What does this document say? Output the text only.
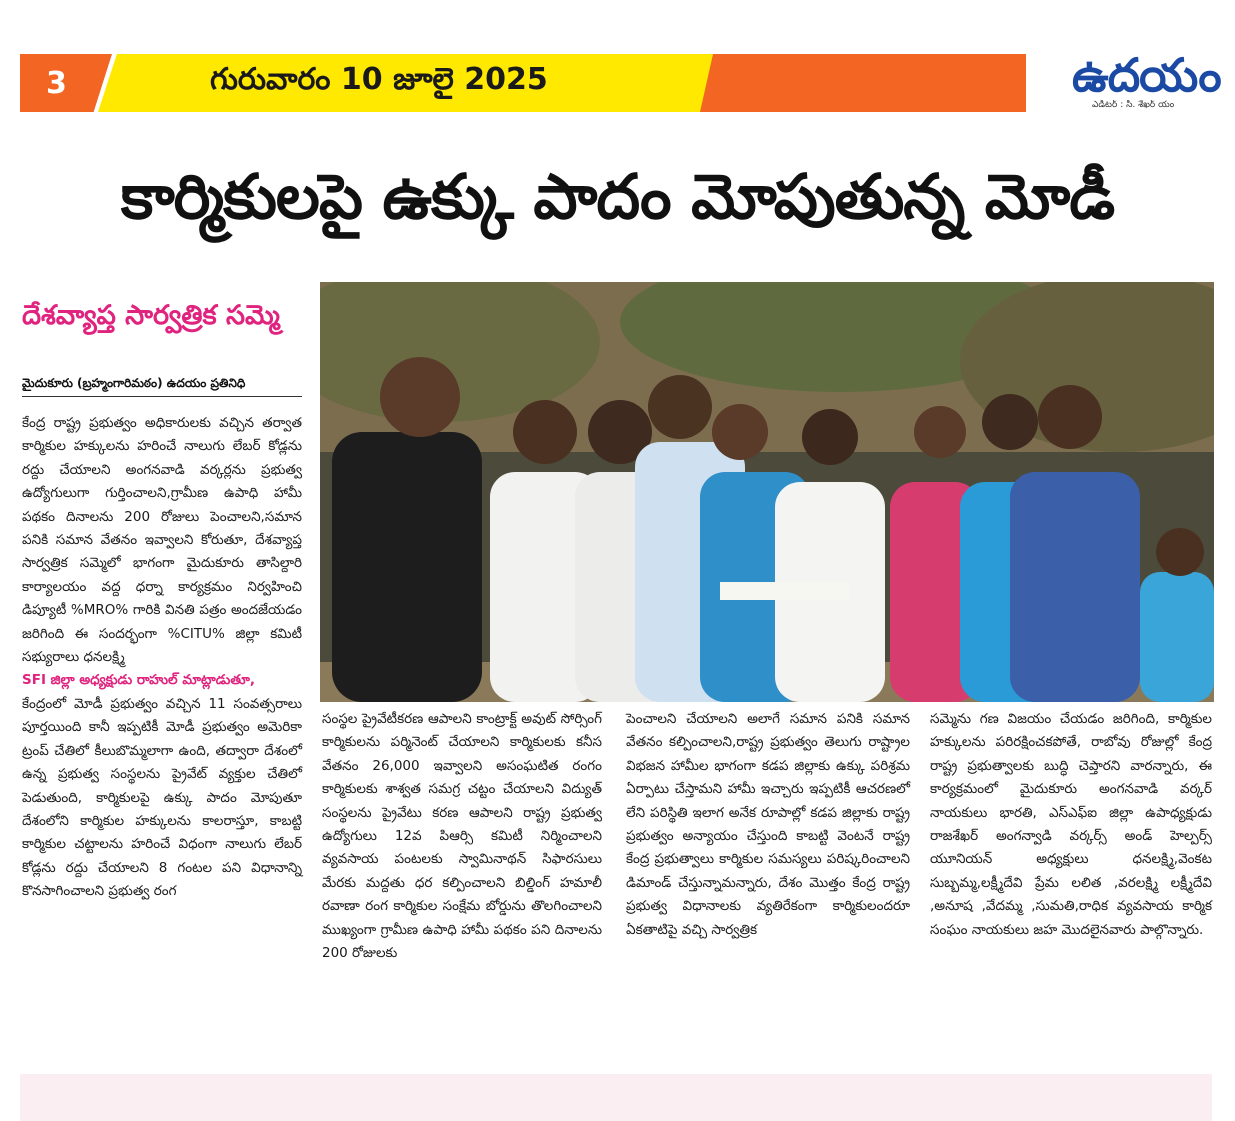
3	గురువారం 10 జూలై 2025	ఉదయం
ఎడిటర్ : సి. శేఖర్ యం
కార్మికులపై ఉక్కు పాదం మోపుతున్న మోడీ
దేశవ్యాప్త సార్వత్రిక సమ్మె
మైదుకూరు (బ్రహ్మంగారిమఠం) ఉదయం ప్రతినిధి

కేంద్ర రాష్ట్ర ప్రభుత్వం అధికారులకు వచ్చిన తర్వాత కార్మికుల హక్కులను హరించే నాలుగు లేబర్ కోడ్లను రద్దు చేయాలని అంగనవాడి వర్కర్లను ప్రభుత్వ ఉద్యోగులుగా గుర్తించాలని,గ్రామీణ ఉపాధి హామీ పథకం దినాలను 200 రోజులు పెంచాలని,సమాన పనికి సమాన వేతనం ఇవ్వాలని కోరుతూ, దేశవ్యాప్త సార్వత్రిక సమ్మెలో భాగంగా మైదుకూరు తాసిల్దారి కార్యాలయం వద్ద ధర్నా కార్యక్రమం నిర్వహించి డిప్యూటీ %MRO% గారికి వినతి పత్రం అందజేయడం జరిగింది ఈ సందర్భంగా %CITU% జిల్లా కమిటీ సభ్యురాలు ధనలక్ష్మి

SFI జిల్లా అధ్యక్షుడు రాహుల్ మాట్లాడుతూ,

కేంద్రంలో మోడీ ప్రభుత్వం వచ్చిన 11 సంవత్సరాలు పూర్తయింది కానీ ఇప్పటికీ మోడీ ప్రభుత్వం అమెరికా ట్రంప్ చేతిలో కీలుబొమ్మలాగా ఉంది, తద్వారా దేశంలో ఉన్న ప్రభుత్వ సంస్థలను ప్రైవేట్ వ్యక్తుల చేతిలో పెడుతుంది, కార్మికులపై ఉక్కు పాదం మోపుతూ దేశంలోని కార్మికుల హక్కులను కాలరాస్తూ, కాబట్టి కార్మికుల చట్టాలను హరించే విధంగా నాలుగు లేబర్ కోడ్లను రద్దు చేయాలని 8 గంటల పని విధానాన్ని కొనసాగించాలని ప్రభుత్వ రంగ

సంస్థల ప్రైవేటీకరణ ఆపాలని కాంట్రాక్ట్ అవుట్ సోర్సింగ్ కార్మికులను పర్మినెంట్ చేయాలని కార్మికులకు కనీస వేతనం 26,000 ఇవ్వాలని అసంఘటిత రంగం కార్మికులకు శాశ్వత సమగ్ర చట్టం చేయాలని విద్యుత్ సంస్థలను ప్రైవేటు కరణ ఆపాలని రాష్ట్ర ప్రభుత్వ ఉద్యోగులు 12వ పిఆర్సి కమిటీ నిర్మించాలని వ్యవసాయ పంటలకు స్వామినాథన్ సిఫారసులు మేరకు మద్దతు ధర కల్పించాలని బిల్డింగ్ హమాలీ రవాణా రంగ కార్మికుల సంక్షేమ బోర్డును తొలగించాలని ముఖ్యంగా గ్రామీణ ఉపాధి హామీ పథకం పని దినాలను 200 రోజులకు
పెంచాలని చేయాలని అలాగే సమాన పనికి సమాన వేతనం కల్పించాలని,రాష్ట్ర ప్రభుత్వం తెలుగు రాష్ట్రాల విభజన హామీల భాగంగా కడప జిల్లాకు ఉక్కు పరిశ్రమ ఏర్పాటు చేస్తామని హామీ ఇచ్చారు ఇప్పటికీ ఆచరణలో లేని పరిస్థితి ఇలాగ అనేక రూపాల్లో కడప జిల్లాకు రాష్ట్ర ప్రభుత్వం అన్యాయం చేస్తుంది కాబట్టి వెంటనే రాష్ట్ర కేంద్ర ప్రభుత్వాలు కార్మికుల సమస్యలు పరిష్కరించాలని డిమాండ్ చేస్తున్నామన్నారు, దేశం మొత్తం కేంద్ర రాష్ట్ర ప్రభుత్వ విధానాలకు వ్యతిరేకంగా కార్మికులందరూ ఏకతాటిపై వచ్చి సార్వత్రిక
సమ్మెను గణ విజయం చేయడం జరిగింది, కార్మికుల హక్కులను పరిరక్షించకపోతే, రాబోవు రోజుల్లో కేంద్ర రాష్ట్ర ప్రభుత్వాలకు బుద్ధి చెప్తారని వారన్నారు, ఈ కార్యక్రమంలో మైదుకూరు అంగనవాడి వర్కర్ నాయకులు భారతి, ఎస్ఎఫ్ఐ జిల్లా ఉపాధ్యక్షుడు రాజశేఖర్ అంగన్వాడి వర్కర్స్ అండ్ హెల్పర్స్ యూనియన్ అధ్యక్షులు ధనలక్ష్మి,వెంకట సుబ్బమ్మ,లక్ష్మీదేవి ప్రేమ లలిత ,వరలక్ష్మి లక్ష్మీదేవి ,అనూష ,వేదమ్మ ,సుమతి,రాధిక వ్యవసాయ కార్మిక సంఘం నాయకులు జహ మొదలైనవారు పాల్గొన్నారు.
